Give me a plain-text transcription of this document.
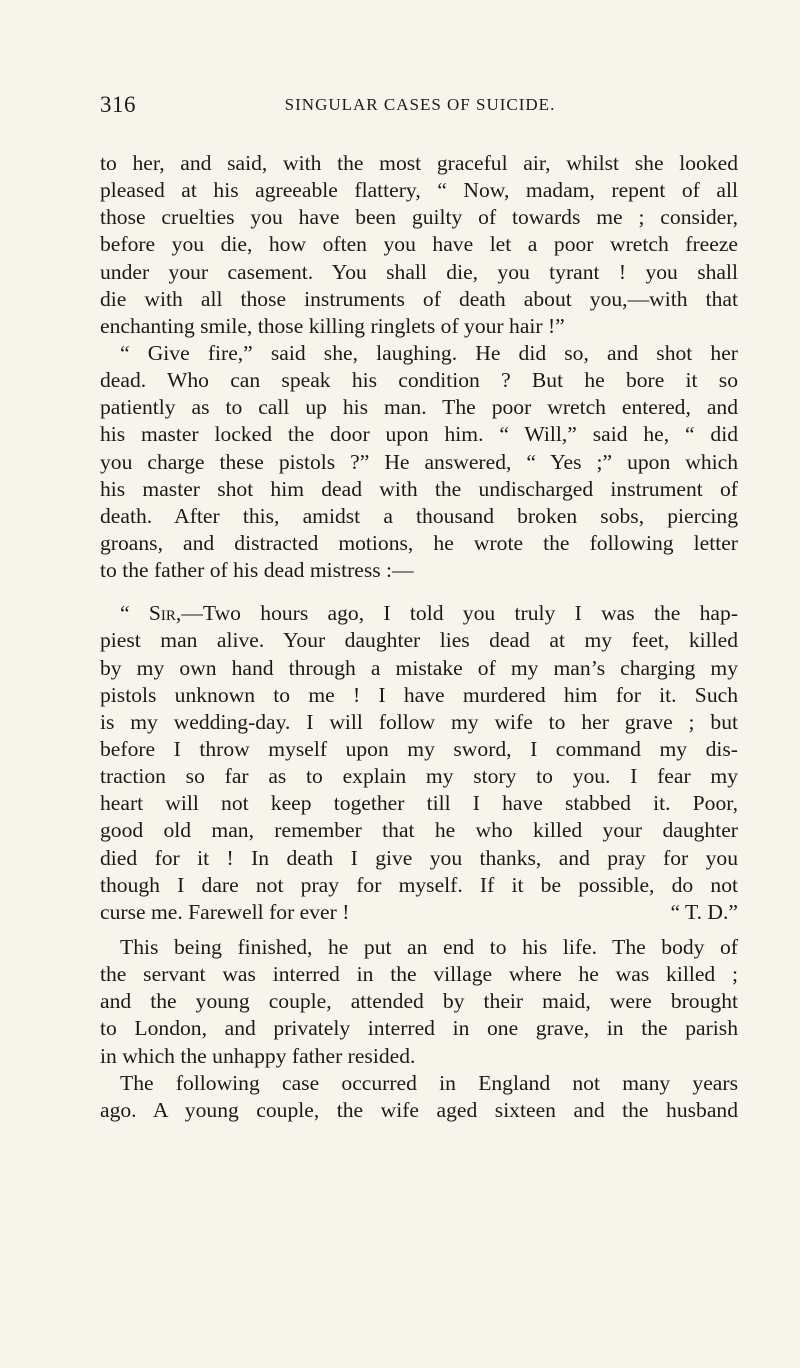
316	SINGULAR CASES OF SUICIDE.

to her, and said, with the most graceful air, whilst she looked
pleased at his agreeable flattery, “ Now, madam, repent of all
those cruelties you have been guilty of towards me ; consider,
before you die, how often you have let a poor wretch freeze
under your casement. You shall die, you tyrant ! you shall
die with all those instruments of death about you,—with that
enchanting smile, those killing ringlets of your hair !”

“ Give fire,” said she, laughing. He did so, and shot her
dead. Who can speak his condition ? But he bore it so
patiently as to call up his man. The poor wretch entered, and
his master locked the door upon him. “ Will,” said he, “ did
you charge these pistols ?” He answered, “ Yes ;” upon which
his master shot him dead with the undischarged instrument of
death. After this, amidst a thousand broken sobs, piercing
groans, and distracted motions, he wrote the following letter
to the father of his dead mistress :—

“ Sir,—Two hours ago, I told you truly I was the hap-
piest man alive. Your daughter lies dead at my feet, killed
by my own hand through a mistake of my man’s charging my
pistols unknown to me ! I have murdered him for it. Such
is my wedding-day. I will follow my wife to her grave ; but
before I throw myself upon my sword, I command my dis-
traction so far as to explain my story to you. I fear my
heart will not keep together till I have stabbed it. Poor,
good old man, remember that he who killed your daughter
died for it ! In death I give you thanks, and pray for you
though I dare not pray for myself. If it be possible, do not
curse me. Farewell for ever !	“ T. D.”

This being finished, he put an end to his life. The body of
the servant was interred in the village where he was killed ;
and the young couple, attended by their maid, were brought
to London, and privately interred in one grave, in the parish
in which the unhappy father resided.

The following case occurred in England not many years
ago. A young couple, the wife aged sixteen and the husband
